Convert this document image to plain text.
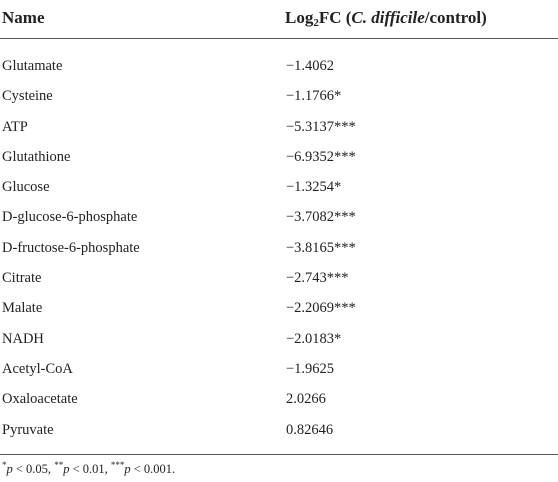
Name	Log$_2$FC (C. difficile/control)
Glutamate	−1.4062
Cysteine	−1.1766*
ATP	−5.3137***
Glutathione	−6.9352***
Glucose	−1.3254*
D-glucose-6-phosphate	−3.7082***
D-fructose-6-phosphate	−3.8165***
Citrate	−2.743***
Malate	−2.2069***
NADH	−2.0183*
Acetyl-CoA	−1.9625
Oxaloacetate	2.0266
Pyruvate	0.82646
*p < 0.05, **p < 0.01, ***p < 0.001.
